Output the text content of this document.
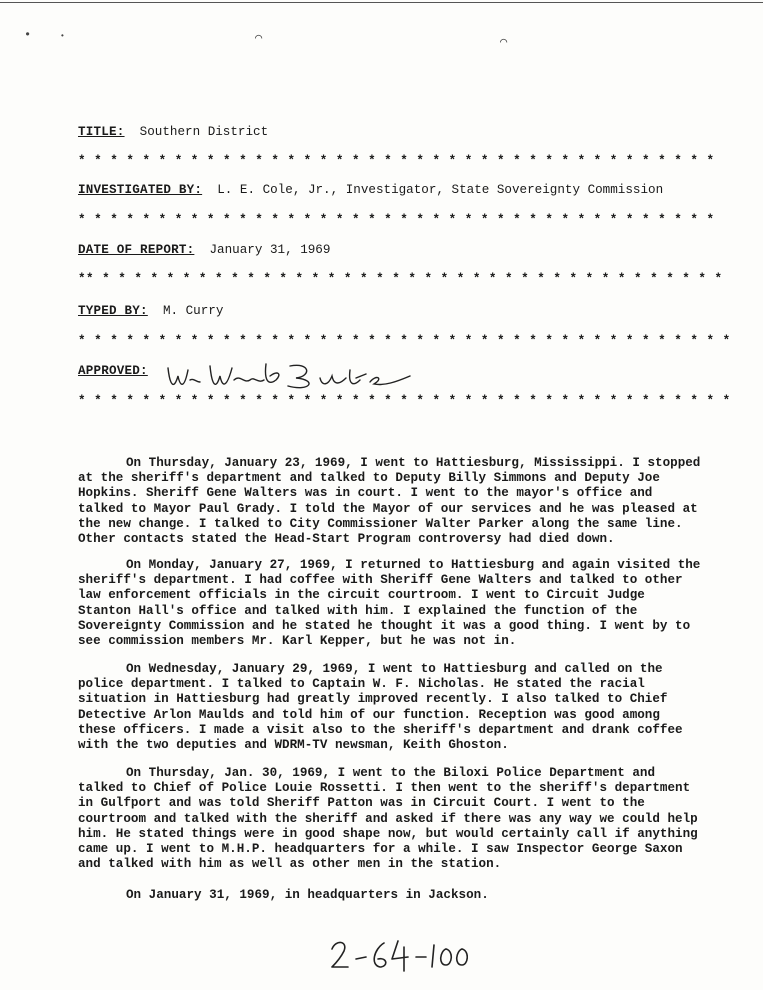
•	•	⌒	⌒
TITLE: Southern District
* * * * * * * * * * * * * * * * * * * * * * * * * * * * * * * * * * * * * * * *
INVESTIGATED BY: L. E. Cole, Jr., Investigator, State Sovereignty Commission
* * * * * * * * * * * * * * * * * * * * * * * * * * * * * * * * * * * * * * * *
DATE OF REPORT: January 31, 1969
** * * * * * * * * * * * * * * * * * * * * * * * * * * * * * * * * * * * * * * *
TYPED BY: M. Curry
* * * * * * * * * * * * * * * * * * * * * * * * * * * * * * * * * * * * * * * * *
APPROVED:
* * * * * * * * * * * * * * * * * * * * * * * * * * * * * * * * * * * * * * * * *

On Thursday, January 23, 1969, I went to Hattiesburg, Mississippi. I stopped at the sheriff's department and talked to Deputy Billy Simmons and Deputy Joe Hopkins. Sheriff Gene Walters was in court. I went to the mayor's office and talked to Mayor Paul Grady. I told the Mayor of our services and he was pleased at the new change. I talked to City Commissioner Walter Parker along the same line. Other contacts stated the Head-Start Program controversy had died down.

On Monday, January 27, 1969, I returned to Hattiesburg and again visited the sheriff's department. I had coffee with Sheriff Gene Walters and talked to other law enforcement officials in the circuit courtroom. I went to Circuit Judge Stanton Hall's office and talked with him. I explained the function of the Sovereignty Commission and he stated he thought it was a good thing. I went by to see commission members Mr. Karl Kepper, but he was not in.

On Wednesday, January 29, 1969, I went to Hattiesburg and called on the police department. I talked to Captain W. F. Nicholas. He stated the racial situation in Hattiesburg had greatly improved recently. I also talked to Chief Detective Arlon Maulds and told him of our function. Reception was good among these officers. I made a visit also to the sheriff's department and drank coffee with the two deputies and WDRM-TV newsman, Keith Ghoston.

On Thursday, Jan. 30, 1969, I went to the Biloxi Police Department and talked to Chief of Police Louie Rossetti. I then went to the sheriff's department in Gulfport and was told Sheriff Patton was in Circuit Court. I went to the courtroom and talked with the sheriff and asked if there was any way we could help him. He stated things were in good shape now, but would certainly call if anything came up. I went to M.H.P. headquarters for a while. I saw Inspector George Saxon and talked with him as well as other men in the station.

On January 31, 1969, in headquarters in Jackson.
